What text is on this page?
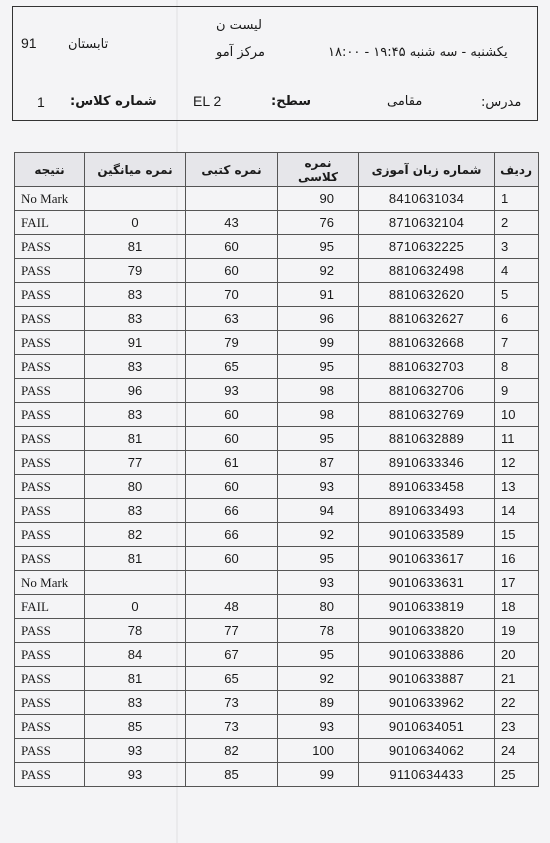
91 تابستان
لیست ن
مرکز آمو	یکشنبه - سه شنبه ۱۹:۴۵ - ۱۸:۰۰
1 شماره کلاس:	EL 2	سطح:	مقامی	مدرس:
ردیف	شماره زبان آموزی	نمره کلاسی	نمره کتبی	نمره میانگین	نتیجه
1	8410631034	90			No Mark
2	8710632104	76	43	0	FAIL
3	8710632225	95	60	81	PASS
4	8810632498	92	60	79	PASS
5	8810632620	91	70	83	PASS
6	8810632627	96	63	83	PASS
7	8810632668	99	79	91	PASS
8	8810632703	95	65	83	PASS
9	8810632706	98	93	96	PASS
10	8810632769	98	60	83	PASS
11	8810632889	95	60	81	PASS
12	8910633346	87	61	77	PASS
13	8910633458	93	60	80	PASS
14	8910633493	94	66	83	PASS
15	9010633589	92	66	82	PASS
16	9010633617	95	60	81	PASS
17	9010633631	93			No Mark
18	9010633819	80	48	0	FAIL
19	9010633820	78	77	78	PASS
20	9010633886	95	67	84	PASS
21	9010633887	92	65	81	PASS
22	9010633962	89	73	83	PASS
23	9010634051	93	73	85	PASS
24	9010634062	100	82	93	PASS
25	9110634433	99	85	93	PASS
